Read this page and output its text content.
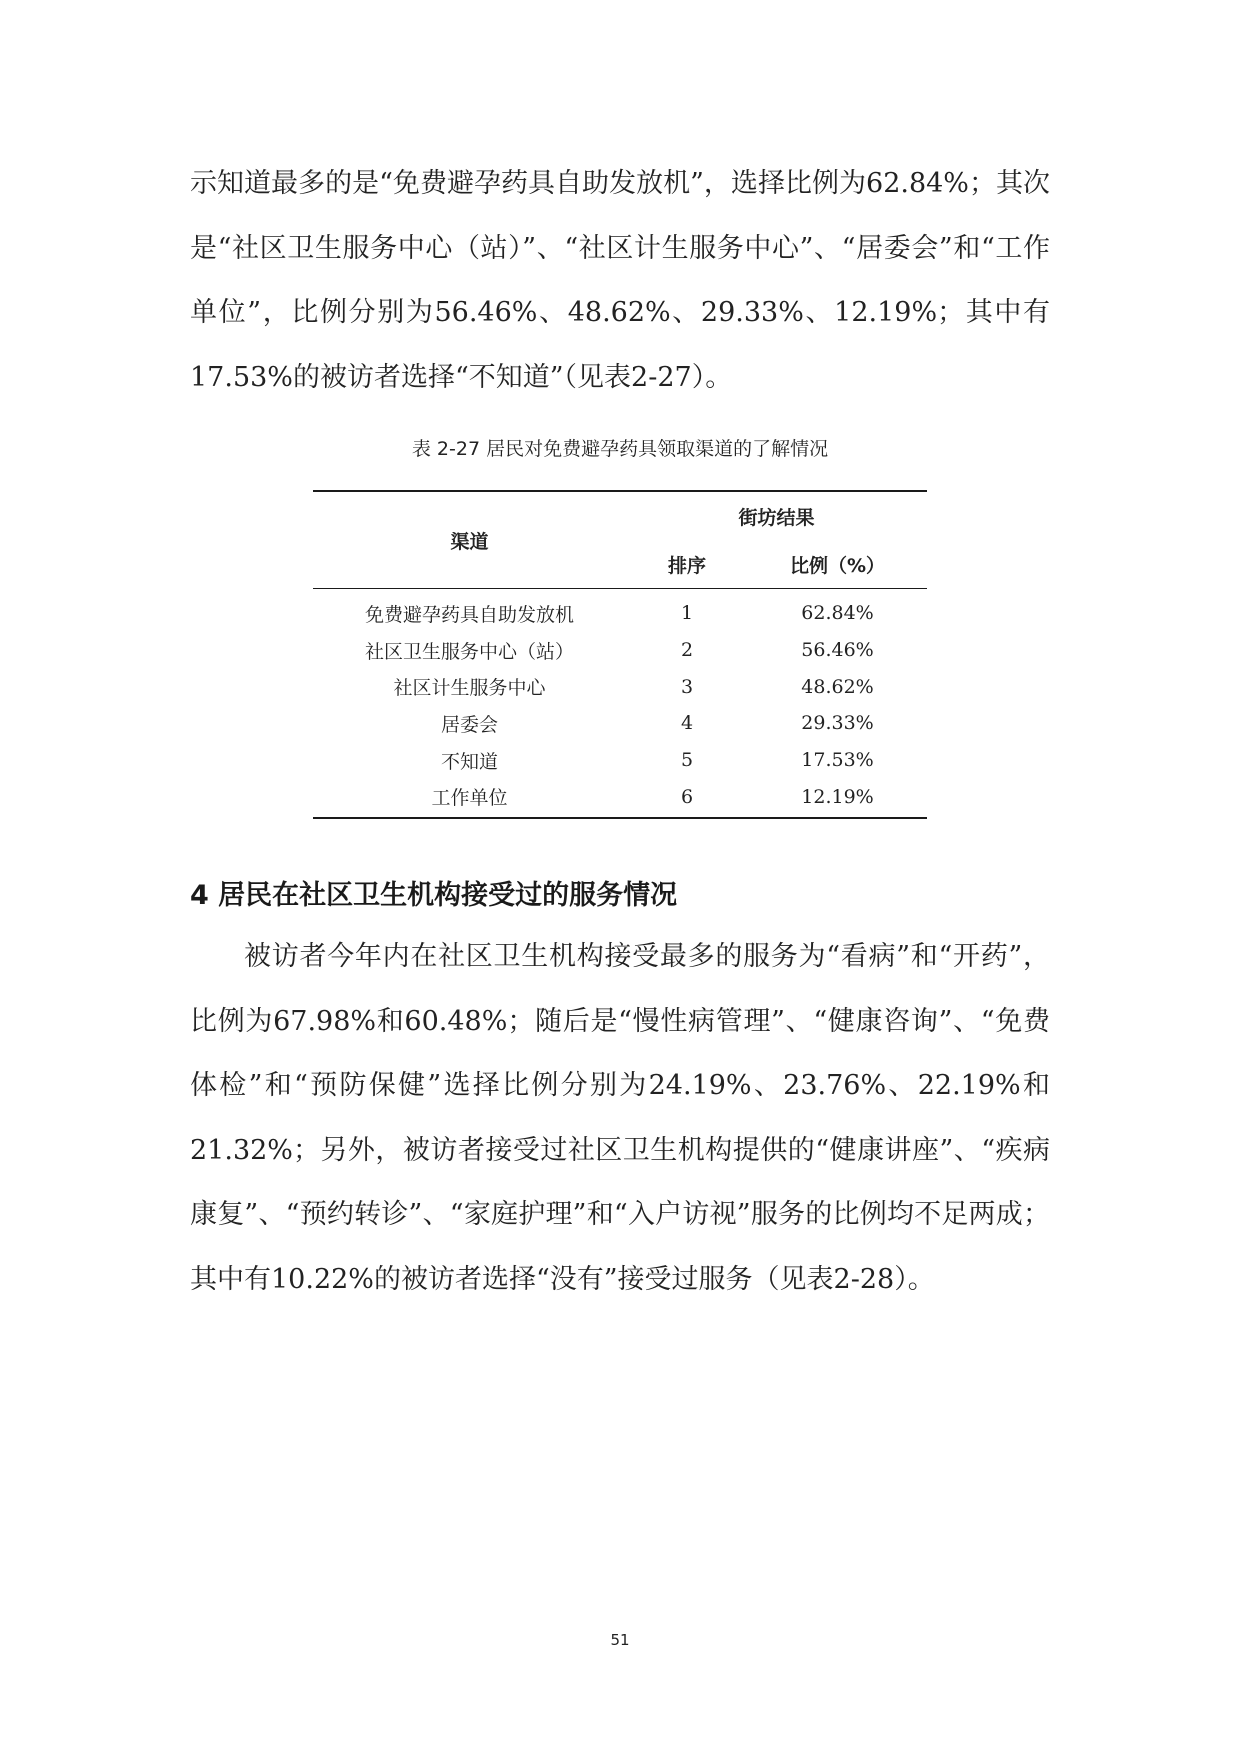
示知道最多的是“免费避孕药具自助发放机”，选择比例为62.84%；其次是“社区卫生服务中心（站）”、“社区计生服务中心”、“居委会”和“工作单位”，比例分别为56.46%、48.62%、29.33%、12.19%；其中有17.53%的被访者选择“不知道”（见表2-27）。

表 2-27 居民对免费避孕药具领取渠道的了解情况

渠道	街坊结果	
	排序	比例（%）
免费避孕药具自助发放机	1	62.84%
社区卫生服务中心（站）	2	56.46%
社区计生服务中心	3	48.62%
居委会	4	29.33%
不知道	5	17.53%
工作单位	6	12.19%
4 居民在社区卫生机构接受过的服务情况

被访者今年内在社区卫生机构接受最多的服务为“看病”和“开药”，比例为67.98%和60.48%；随后是“慢性病管理”、“健康咨询”、“免费体检”和“预防保健”选择比例分别为24.19%、23.76%、22.19%和21.32%；另外，被访者接受过社区卫生机构提供的“健康讲座”、“疾病康复”、“预约转诊”、“家庭护理”和“入户访视”服务的比例均不足两成；其中有10.22%的被访者选择“没有”接受过服务（见表2-28）。

51
